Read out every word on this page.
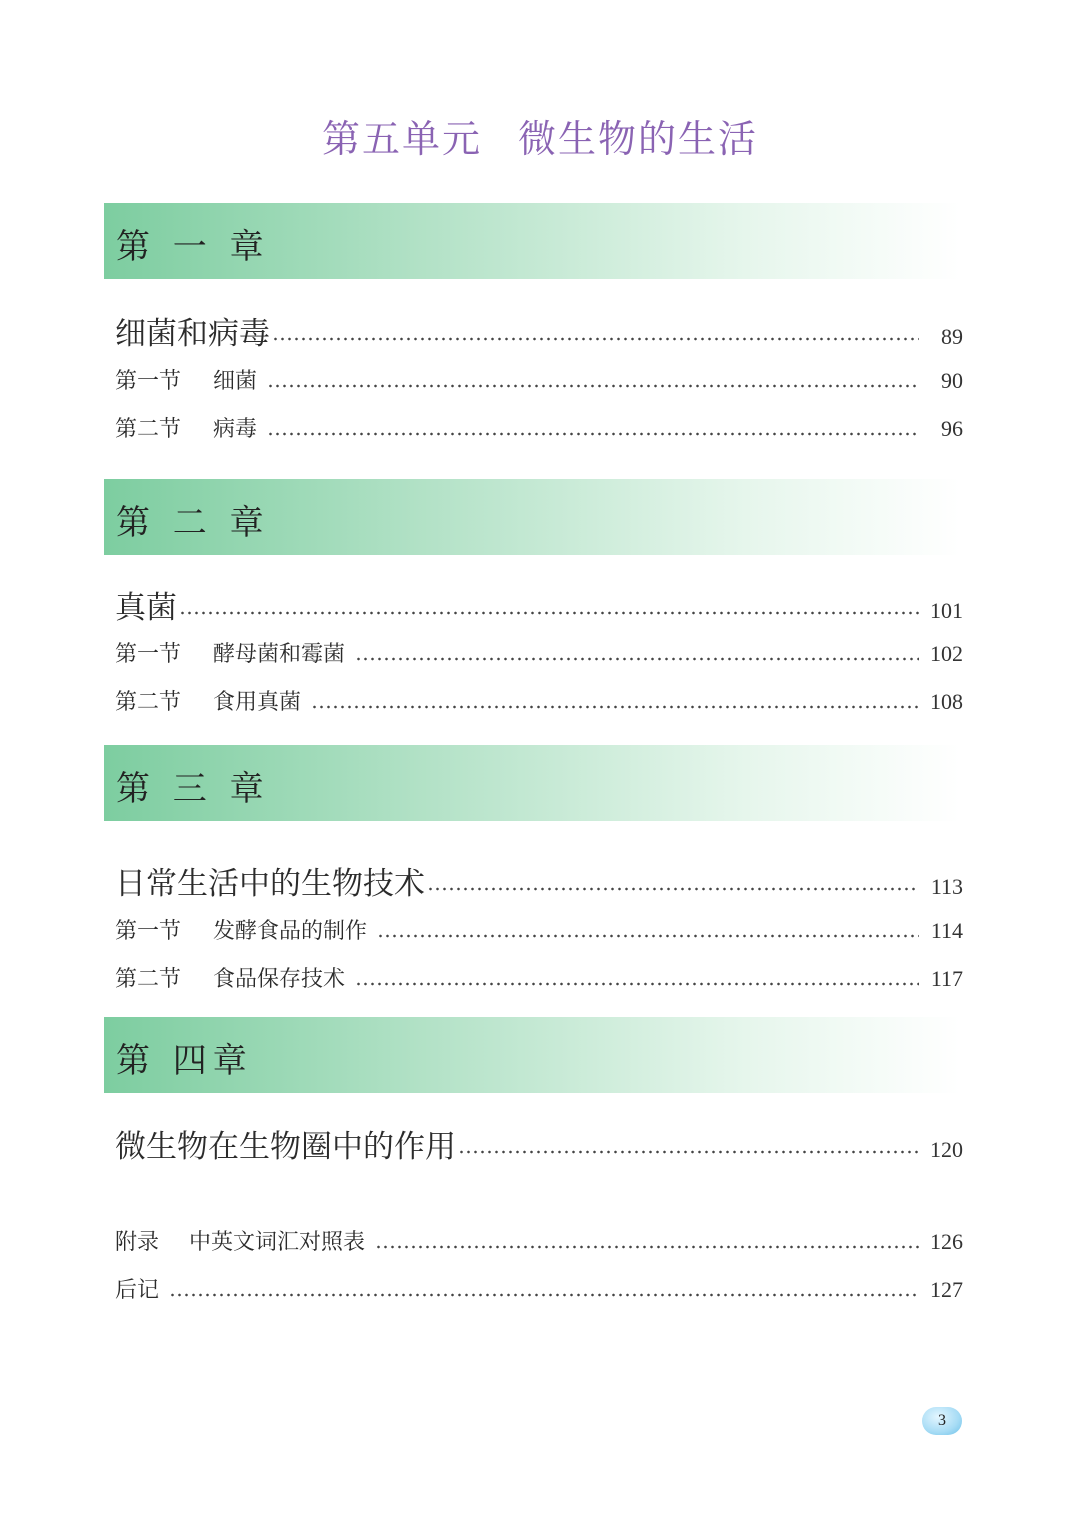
第五单元 微生物的生活
第 一 章
细菌和病毒	89
第一节 细菌	90
第二节 病毒	96
第 二 章
真菌	101
第一节 酵母菌和霉菌	102
第二节 食用真菌	108
第 三 章
日常生活中的生物技术	113
第一节 发酵食品的制作	114
第二节 食品保存技术	117
第 四章
微生物在生物圈中的作用	120
附录 中英文词汇对照表	126
后记	127
3
